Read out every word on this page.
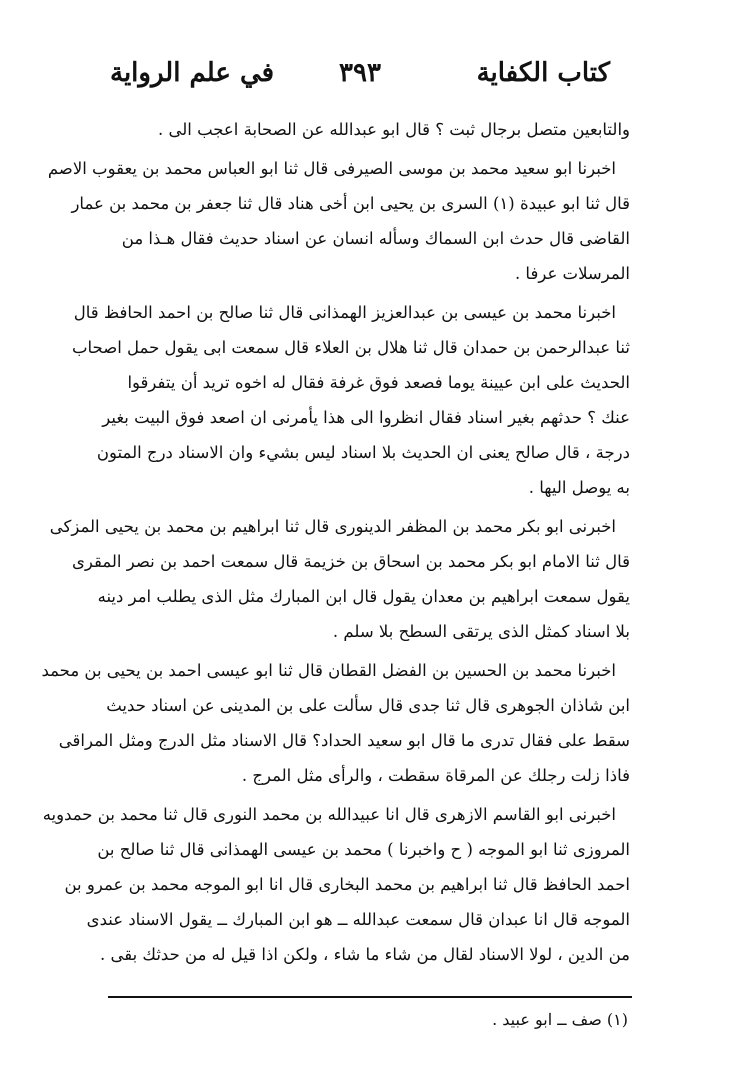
كتاب الكفاية
٣٩٣
في علم الرواية
والتابعين متصل برجال ثبت ؟ قال ابو عبدالله عن الصحابة اعجب الى .
اخبرنا ابو سعيد محمد بن موسى الصيرفى قال ثنا ابو العباس محمد بن يعقوب الاصم
قال ثنا ابو عبيدة (١) السرى بن يحيى ابن أخى هناد قال ثنا جعفر بن محمد بن عمار
القاضى قال حدث ابن السماك وسأله انسان عن اسناد حديث فقال هـذا من
المرسلات عرفا .
اخبرنا محمد بن عيسى بن عبدالعزيز الهمذانى قال ثنا صالح بن احمد الحافظ قال
ثنا عبدالرحمن بن حمدان قال ثنا هلال بن العلاء قال سمعت ابى يقول حمل اصحاب
الحديث على ابن عيينة يوما فصعد فوق غرفة فقال له اخوه تريد أن يتفرقوا
عنك ؟ حدثهم بغير اسناد فقال انظروا الى هذا يأمرنى ان اصعد فوق البيت بغير
درجة ، قال صالح يعنى ان الحديث بلا اسناد ليس بشيء وان الاسناد درج المتون
به يوصل اليها .
اخبرنى ابو بكر محمد بن المظفر الدينورى قال ثنا ابراهيم بن محمد بن يحيى المزكى
قال ثنا الامام ابو بكر محمد بن اسحاق بن خزيمة قال سمعت احمد بن نصر المقرى
يقول سمعت ابراهيم بن معدان يقول قال ابن المبارك مثل الذى يطلب امر دينه
بلا اسناد كمثل الذى يرتقى السطح بلا سلم .
اخبرنا محمد بن الحسين بن الفضل القطان قال ثنا ابو عيسى احمد بن يحيى بن محمد
ابن شاذان الجوهرى قال ثنا جدى قال سألت على بن المدينى عن اسناد حديث
سقط على فقال تدرى ما قال ابو سعيد الحداد؟ قال الاسناد مثل الدرج ومثل المراقى
فاذا زلت رجلك عن المرقاة سقطت ، والرأى مثل المرج .
اخبرنى ابو القاسم الازهرى قال انا عبيدالله بن محمد النورى قال ثنا محمد بن حمدويه
المروزى ثنا ابو الموجه ( ح واخبرنا ) محمد بن عيسى الهمذانى قال ثنا صالح بن
احمد الحافظ قال ثنا ابراهيم بن محمد البخارى قال انا ابو الموجه محمد بن عمرو بن
الموجه قال انا عبدان قال سمعت عبدالله ــ هو ابن المبارك ــ يقول الاسناد عندى
من الدين ، لولا الاسناد لقال من شاء ما شاء ، ولكن اذا قيل له من حدثك بقى .
(١) صف ــ ابو عبيد .
